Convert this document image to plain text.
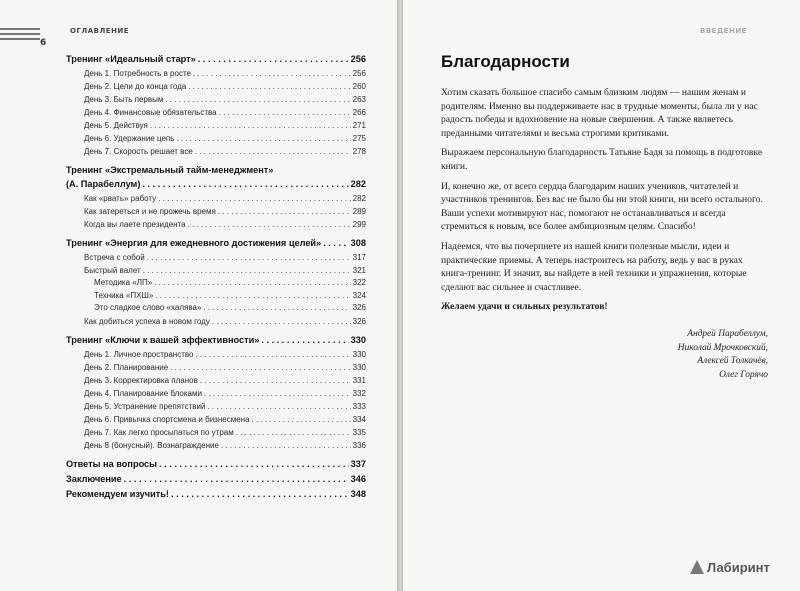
6
ОГЛАВЛЕНИЕ

Тренинг «Идеальный старт» . . .	256
День 1. Потребность в росте . . .	256
День 2. Цели до конца года . . .	260
День 3. Быть первым . . .	263
День 4. Финансовые обязательства . . .	266
День 5. Действуя . . .	271
День 6. Удержание цепь . . .	275
День 7. Скорость решает все . . .	278
Тренинг «Экстремальный тайм-менеджмент»
(А. Парабеллум) . . .	282
Как «рвать» работу . . .	282
Как затереться и не прожечь время . . .	289
Когда вы лаете президента . . .	299
Тренинг «Энергия для ежедневного достижения целей» . . .	308
Встреча с собой . . .	317
Быстрый валет . . .	321
Методика «ЛП» . . .	322
Техника «ПХШ» . . .	324
Это сладкое слово «халява» . . .	326
Как добиться успеха в новом году . . .	326
Тренинг «Ключи к вашей эффективности» . . .	330
День 1. Личное пространство . . .	330
День 2. Планирование . . .	330
День 3. Корректировка планов . . .	331
День 4. Планирование блоками . . .	332
День 5. Устранение препятствий . . .	333
День 6. Привычка спортсмена и бизнесмена . . .	334
День 7. Как легко просыпаться по утрам . . .	335
День 8 (бонусный). Вознаграждение . . .	336
Ответы на вопросы . . .	337
Заключение . . .	346
Рекомендуем изучить! . . .	348
ВВЕДЕНИЕ
Благодарности

Хотим сказать большое спасибо самым близким людям — нашим женам и родителям. Именно вы поддерживаете нас в трудные моменты, была ли у нас радость победы и вдохновение на новые свершения. А также являетесь преданными читателями и весьма строгими критиками.

Выражаем персональную благодарность Татьяне Бадя за помощь в подготовке книги.

И, конечно же, от всего сердца благодарим наших учеников, читателей и участников тренингов. Без вас не было бы ни этой книги, ни всего остального. Ваши успехи мотивируют нас, помогают не останавливаться и всегда стремиться к новым, все более амбициозным целям. Спасибо!

Надеемся, что вы почерпнете из нашей книги полезные мысли, идеи и практические приемы. А теперь настроитесь на работу, ведь у вас в руках книга-тренинг. И значит, вы найдете в ней техники и упражнения, которые сделают вас сильнее и счастливее.

Желаем удачи и сильных результатов!

Андрей Парабеллум,
Николай Мрочковский,
Алексей Толкачёв,
Олег Горячо
Лабиринт
